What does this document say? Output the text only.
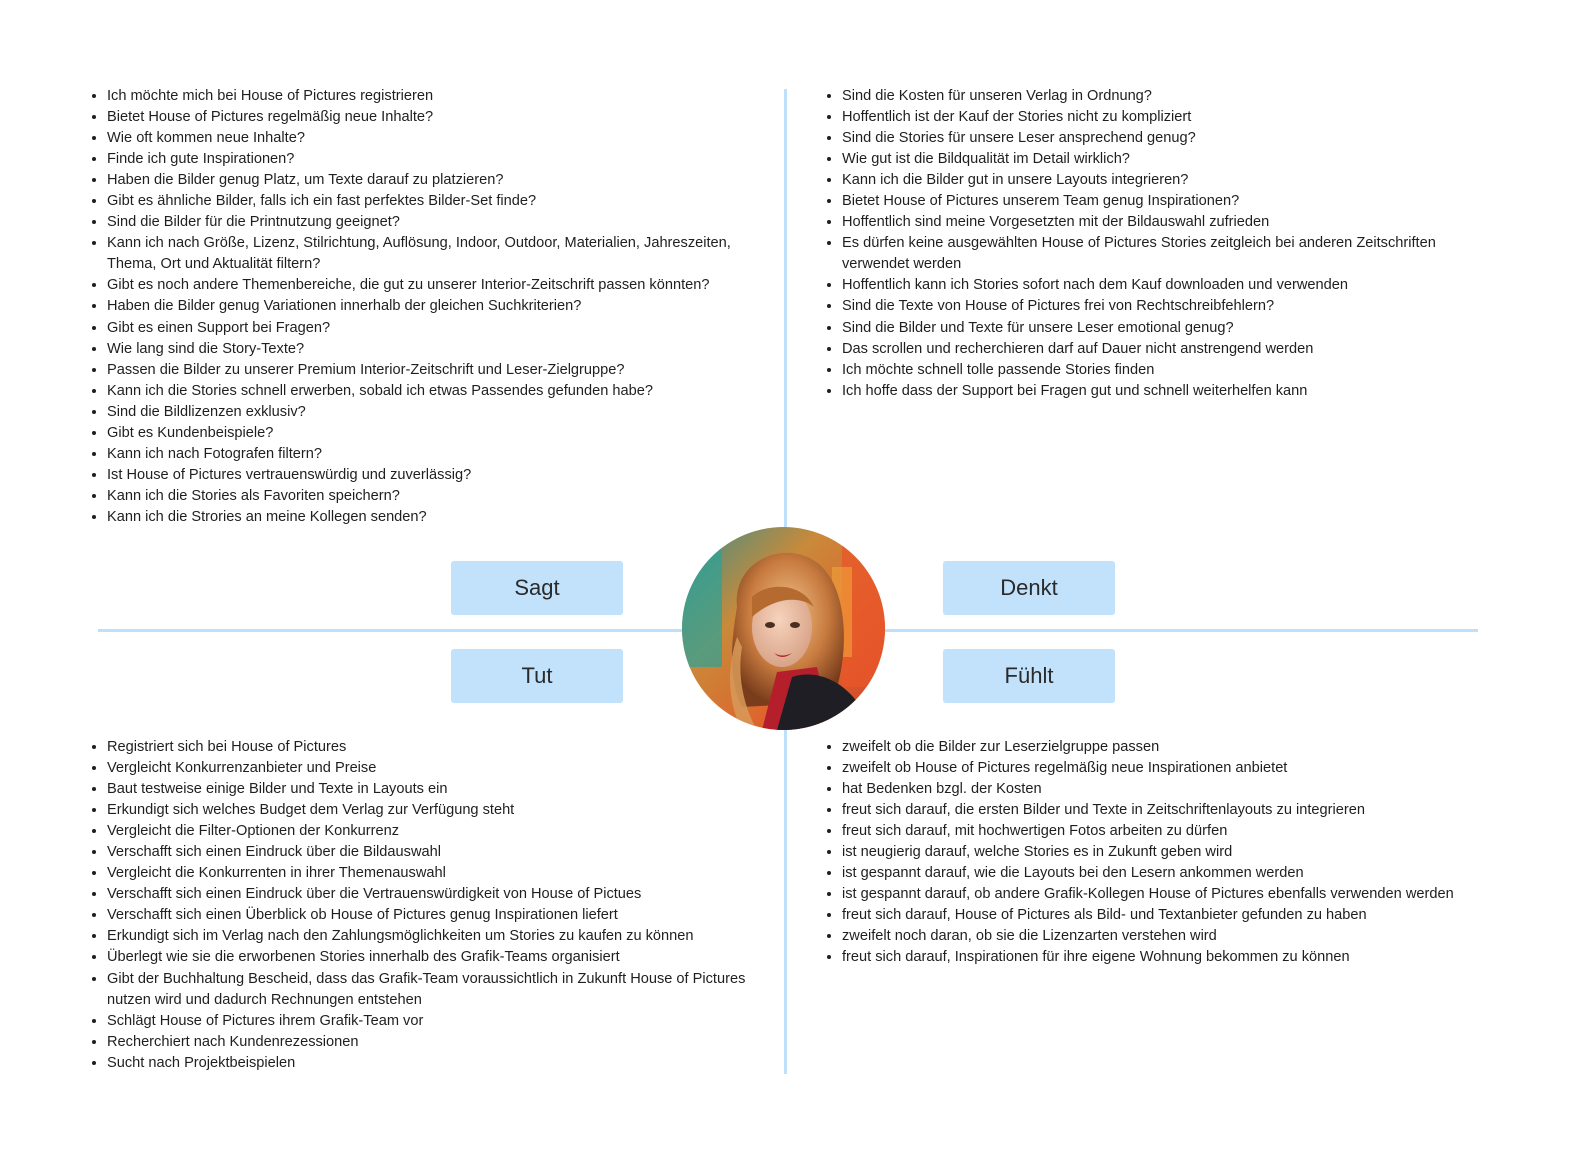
• Ich möchte mich bei House of Pictures registrieren
• Bietet House of Pictures regelmäßig neue Inhalte?
• Wie oft kommen neue Inhalte?
• Finde ich gute Inspirationen?
• Haben die Bilder genug Platz, um Texte darauf zu platzieren?
• Gibt es ähnliche Bilder, falls ich ein fast perfektes Bilder-Set finde?
• Sind die Bilder für die Printnutzung geeignet?
• Kann ich nach Größe, Lizenz, Stilrichtung, Auflösung, Indoor, Outdoor, Materialien, Jahreszeiten, Thema, Ort und Aktualität filtern?
• Gibt es noch andere Themenbereiche, die gut zu unserer Interior-Zeitschrift passen könnten?
• Haben die Bilder genug Variationen innerhalb der gleichen Suchkriterien?
• Gibt es einen Support bei Fragen?
• Wie lang sind die Story-Texte?
• Passen die Bilder zu unserer Premium Interior-Zeitschrift und Leser-Zielgruppe?
• Kann ich die Stories schnell erwerben, sobald ich etwas Passendes gefunden habe?
• Sind die Bildlizenzen exklusiv?
• Gibt es Kundenbeispiele?
• Kann ich nach Fotografen filtern?
• Ist House of Pictures vertrauenswürdig und zuverlässig?
• Kann ich die Stories als Favoriten speichern?
• Kann ich die Strories an meine Kollegen senden?
• Sind die Kosten für unseren Verlag in Ordnung?
• Hoffentlich ist der Kauf der Stories nicht zu kompliziert
• Sind die Stories für unsere Leser ansprechend genug?
• Wie gut ist die Bildqualität im Detail wirklich?
• Kann ich die Bilder gut in unsere Layouts integrieren?
• Bietet House of Pictures unserem Team genug Inspirationen?
• Hoffentlich sind meine Vorgesetzten mit der Bildauswahl zufrieden
• Es dürfen keine ausgewählten House of Pictures Stories zeitgleich bei anderen Zeitschriften verwendet werden
• Hoffentlich kann ich Stories sofort nach dem Kauf downloaden und verwenden
• Sind die Texte von House of Pictures frei von Rechtschreibfehlern?
• Sind die Bilder und Texte für unsere Leser emotional genug?
• Das scrollen und recherchieren darf auf Dauer nicht anstrengend werden
• Ich möchte schnell tolle passende Stories finden
• Ich hoffe dass der Support bei Fragen gut und schnell weiterhelfen kann
• Registriert sich bei House of Pictures
• Vergleicht Konkurrenzanbieter und Preise
• Baut testweise einige Bilder und Texte in Layouts ein
• Erkundigt sich welches Budget dem Verlag zur Verfügung steht
• Vergleicht die Filter-Optionen der Konkurrenz
• Verschafft sich einen Eindruck über die Bildauswahl
• Vergleicht die Konkurrenten in ihrer Themenauswahl
• Verschafft sich einen Eindruck über die Vertrauenswürdigkeit von House of Pictues
• Verschafft sich einen Überblick ob House of Pictures genug Inspirationen liefert
• Erkundigt sich im Verlag nach den Zahlungsmöglichkeiten um Stories zu kaufen zu können
• Überlegt wie sie die erworbenen Stories innerhalb des Grafik-Teams organisiert
• Gibt der Buchhaltung Bescheid, dass das Grafik-Team voraussichtlich in Zukunft House of Pictures nutzen wird und dadurch Rechnungen entstehen
• Schlägt House of Pictures ihrem Grafik-Team vor
• Recherchiert nach Kundenrezessionen
• Sucht nach Projektbeispielen
• zweifelt ob die Bilder zur Leserzielgruppe passen
• zweifelt ob House of Pictures regelmäßig neue Inspirationen anbietet
• hat Bedenken bzgl. der Kosten
• freut sich darauf, die ersten Bilder und Texte in Zeitschriftenlayouts zu integrieren
• freut sich darauf, mit hochwertigen Fotos arbeiten zu dürfen
• ist neugierig darauf, welche Stories es in Zukunft geben wird
• ist gespannt darauf, wie die Layouts bei den Lesern ankommen werden
• ist gespannt darauf, ob andere Grafik-Kollegen House of Pictures ebenfalls verwenden werden
• freut sich darauf, House of Pictures als Bild- und Textanbieter gefunden zu haben
• zweifelt noch daran, ob sie die Lizenzarten verstehen wird
• freut sich darauf, Inspirationen für ihre eigene Wohnung bekommen zu können
Sagt	Denkt
Tut	Fühlt
